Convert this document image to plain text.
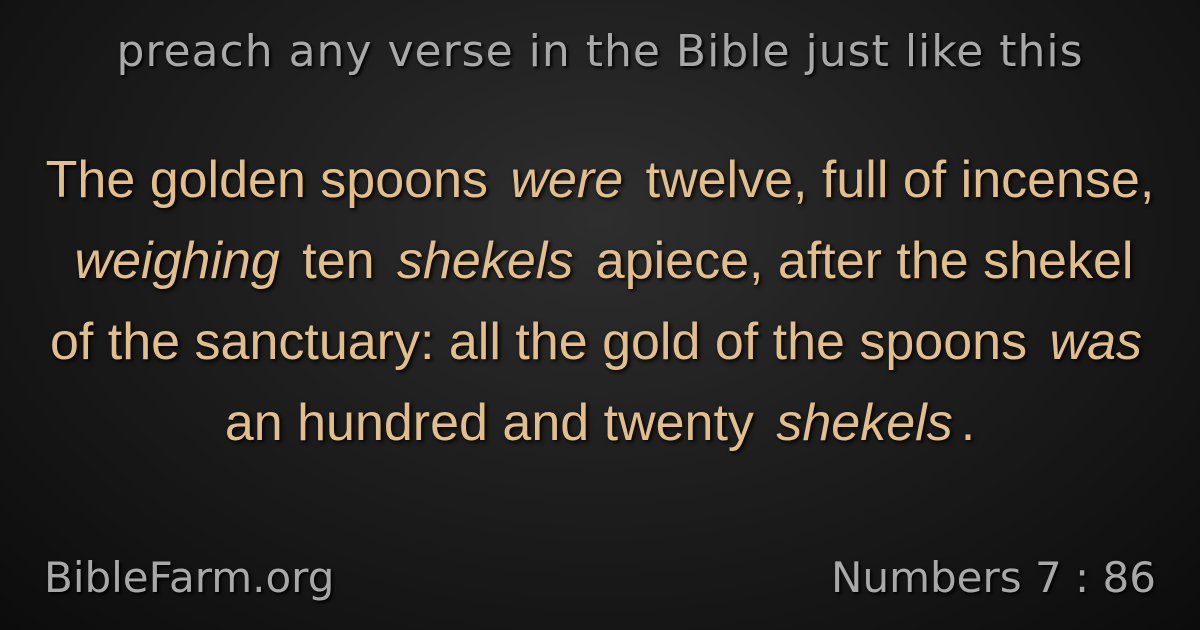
preach any verse in the Bible just like this
The golden spoons were twelve, full of incense, weighing ten shekels apiece, after the shekel of the sanctuary: all the gold of the spoons was an hundred and twenty shekels .
BibleFarm.org	Numbers 7 : 86
